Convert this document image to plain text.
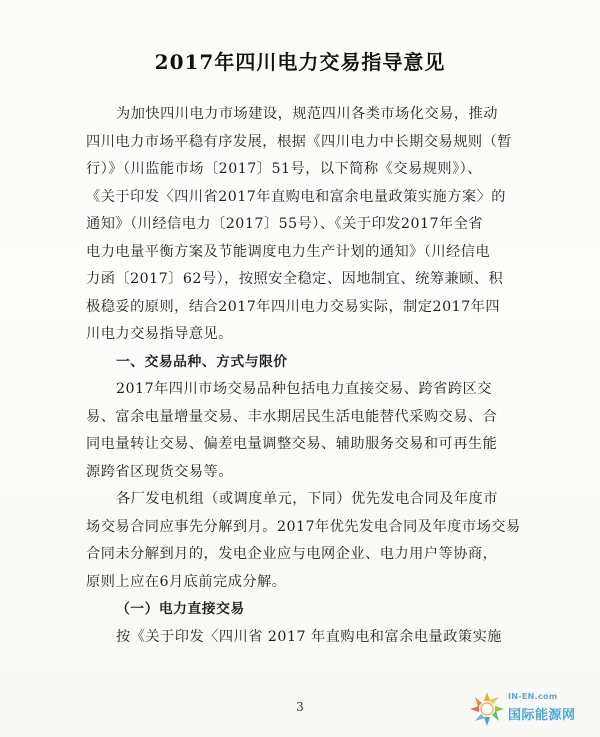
2017年四川电力交易指导意见
为加快四川电力市场建设，规范四川各类市场化交易，推动
四川电力市场平稳有序发展，根据《四川电力中长期交易规则（暂
行）》（川监能市场〔2017〕51号，以下简称《交易规则》）、
《关于印发〈四川省2017年直购电和富余电量政策实施方案〉的
通知》（川经信电力〔2017〕55号）、《关于印发2017年全省
电力电量平衡方案及节能调度电力生产计划的通知》（川经信电
力函〔2017〕62号），按照安全稳定、因地制宜、统筹兼顾、积
极稳妥的原则，结合2017年四川电力交易实际，制定2017年四
川电力交易指导意见。
一、交易品种、方式与限价
2017年四川市场交易品种包括电力直接交易、跨省跨区交
易、富余电量增量交易、丰水期居民生活电能替代采购交易、合
同电量转让交易、偏差电量调整交易、辅助服务交易和可再生能
源跨省区现货交易等。
各厂发电机组（或调度单元，下同）优先发电合同及年度市
场交易合同应事先分解到月。2017年优先发电合同及年度市场交易
合同未分解到月的，发电企业应与电网企业、电力用户等协商，
原则上应在6月底前完成分解。
（一）电力直接交易
按《关于印发〈四川省 2017 年直购电和富余电量政策实施
3
IN-EN.com
国际能源网
